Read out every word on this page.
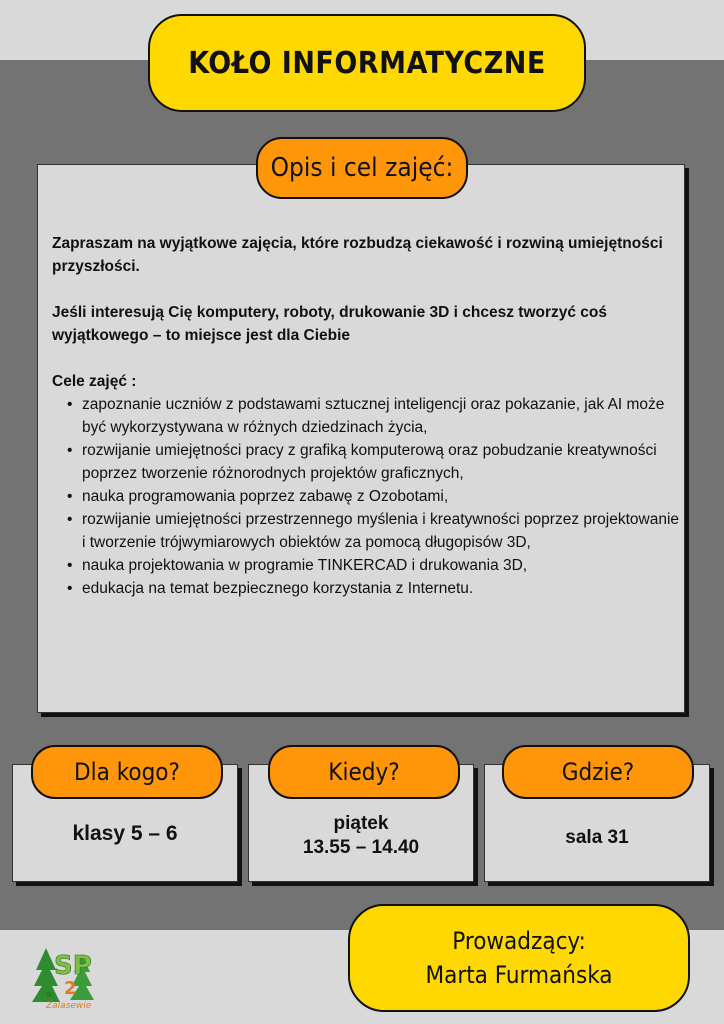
KOŁO INFORMATYCZNE
Opis i cel zajęć:

Zapraszam na wyjątkowe zajęcia, które rozbudzą ciekawość i rozwiną umiejętności przyszłości.

Jeśli interesują Cię komputery, roboty, drukowanie 3D i chcesz tworzyć coś wyjątkowego – to miejsce jest dla Ciebie

Cele zajęć :
• zapoznanie uczniów z podstawami sztucznej inteligencji oraz pokazanie, jak AI może być wykorzystywana w różnych dziedzinach życia,
• rozwijanie umiejętności pracy z grafiką komputerową oraz pobudzanie kreatywności poprzez tworzenie różnorodnych projektów graficznych,
• nauka programowania poprzez zabawę z Ozobotami,
• rozwijanie umiejętności przestrzennego myślenia i kreatywności poprzez projektowanie i tworzenie trójwymiarowych obiektów za pomocą długopisów 3D,
• nauka projektowania w programie TINKERCAD i drukowania 3D,
• edukacja na temat bezpiecznego korzystania z Internetu.
Dla kogo?	Kiedy?	Gdzie?
klasy 5 – 6	piątek
13.55 – 14.40	sala 31
Prowadzący:
Marta Furmańska
SP
2
w
Zalasewie
